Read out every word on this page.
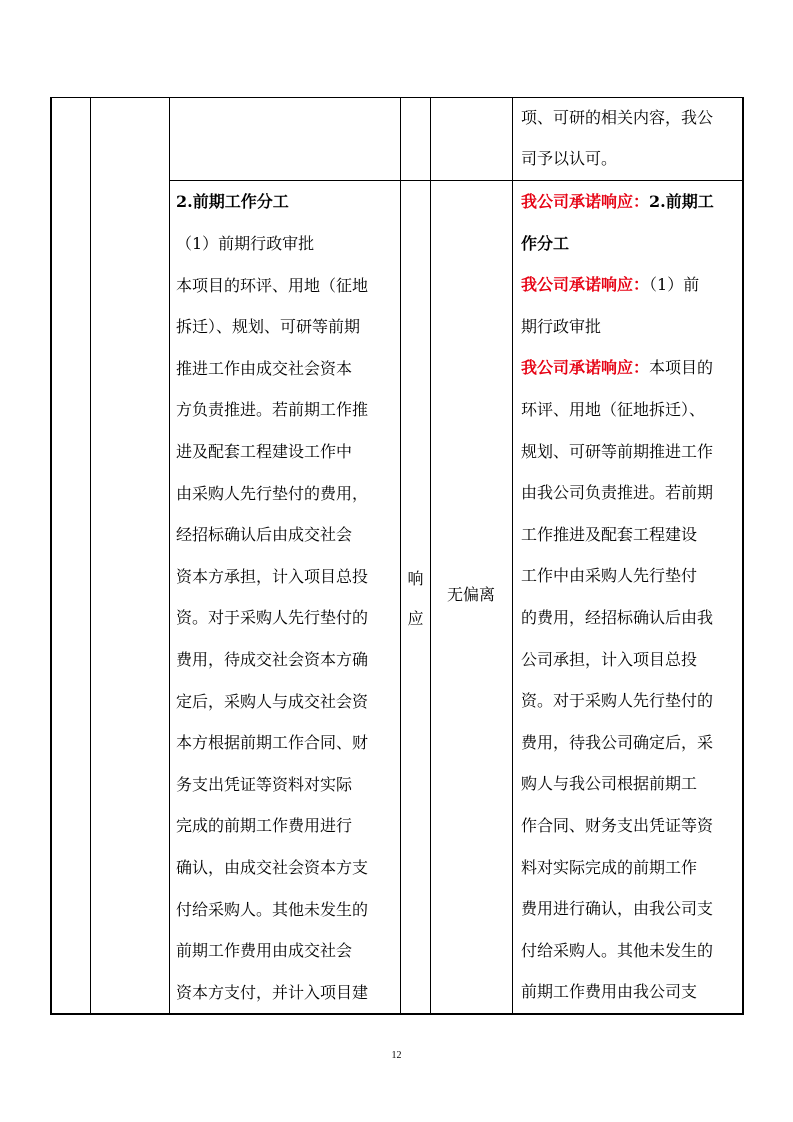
项、可研的相关内容，我公
司予以认可。
2.前期工作分工
（1）前期行政审批
本项目的环评、用地（征地
拆迁）、规划、可研等前期
推进工作由成交社会资本
方负责推进。若前期工作推
进及配套工程建设工作中
由采购人先行垫付的费用，
经招标确认后由成交社会
资本方承担，计入项目总投
资。对于采购人先行垫付的
费用，待成交社会资本方确
定后，采购人与成交社会资
本方根据前期工作合同、财
务支出凭证等资料对实际
完成的前期工作费用进行
确认，由成交社会资本方支
付给采购人。其他未发生的
前期工作费用由成交社会
资本方支付，并计入项目建
响
应
无偏离
我公司承诺响应：2.前期工
作分工
我公司承诺响应：（1）前
期行政审批
我公司承诺响应：本项目的
环评、用地（征地拆迁）、
规划、可研等前期推进工作
由我公司负责推进。若前期
工作推进及配套工程建设
工作中由采购人先行垫付
的费用，经招标确认后由我
公司承担，计入项目总投
资。对于采购人先行垫付的
费用，待我公司确定后，采
购人与我公司根据前期工
作合同、财务支出凭证等资
料对实际完成的前期工作
费用进行确认，由我公司支
付给采购人。其他未发生的
前期工作费用由我公司支
12
